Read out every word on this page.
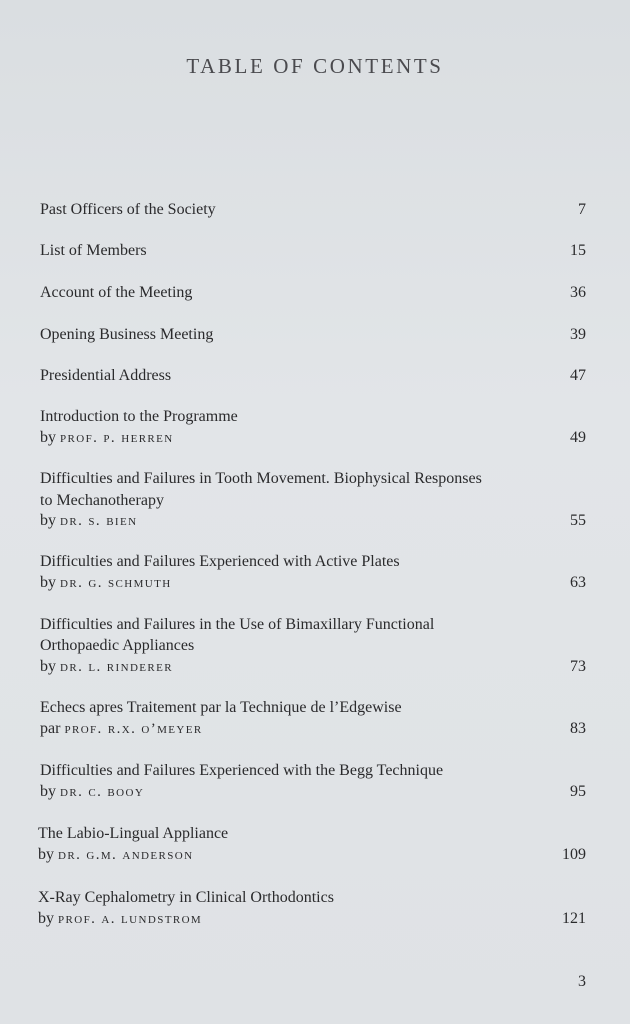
TABLE OF CONTENTS
Past Officers of the Society	7
List of Members	15
Account of the Meeting	36
Opening Business Meeting	39
Presidential Address	47
Introduction to the Programme
by prof. p. herren	49
Difficulties and Failures in Tooth Movement. Biophysical Responses
to Mechanotherapy
by dr. s. bien	55
Difficulties and Failures Experienced with Active Plates
by dr. g. schmuth	63
Difficulties and Failures in the Use of Bimaxillary Functional
Orthopaedic Appliances
by dr. l. rinderer	73
Echecs apres Traitement par la Technique de l’Edgewise
par prof. r.x. o’meyer	83
Difficulties and Failures Experienced with the Begg Technique
by dr. c. booy	95
The Labio-Lingual Appliance
by dr. g.m. anderson	109
X-Ray Cephalometry in Clinical Orthodontics
by prof. a. lundstrom	121
3
